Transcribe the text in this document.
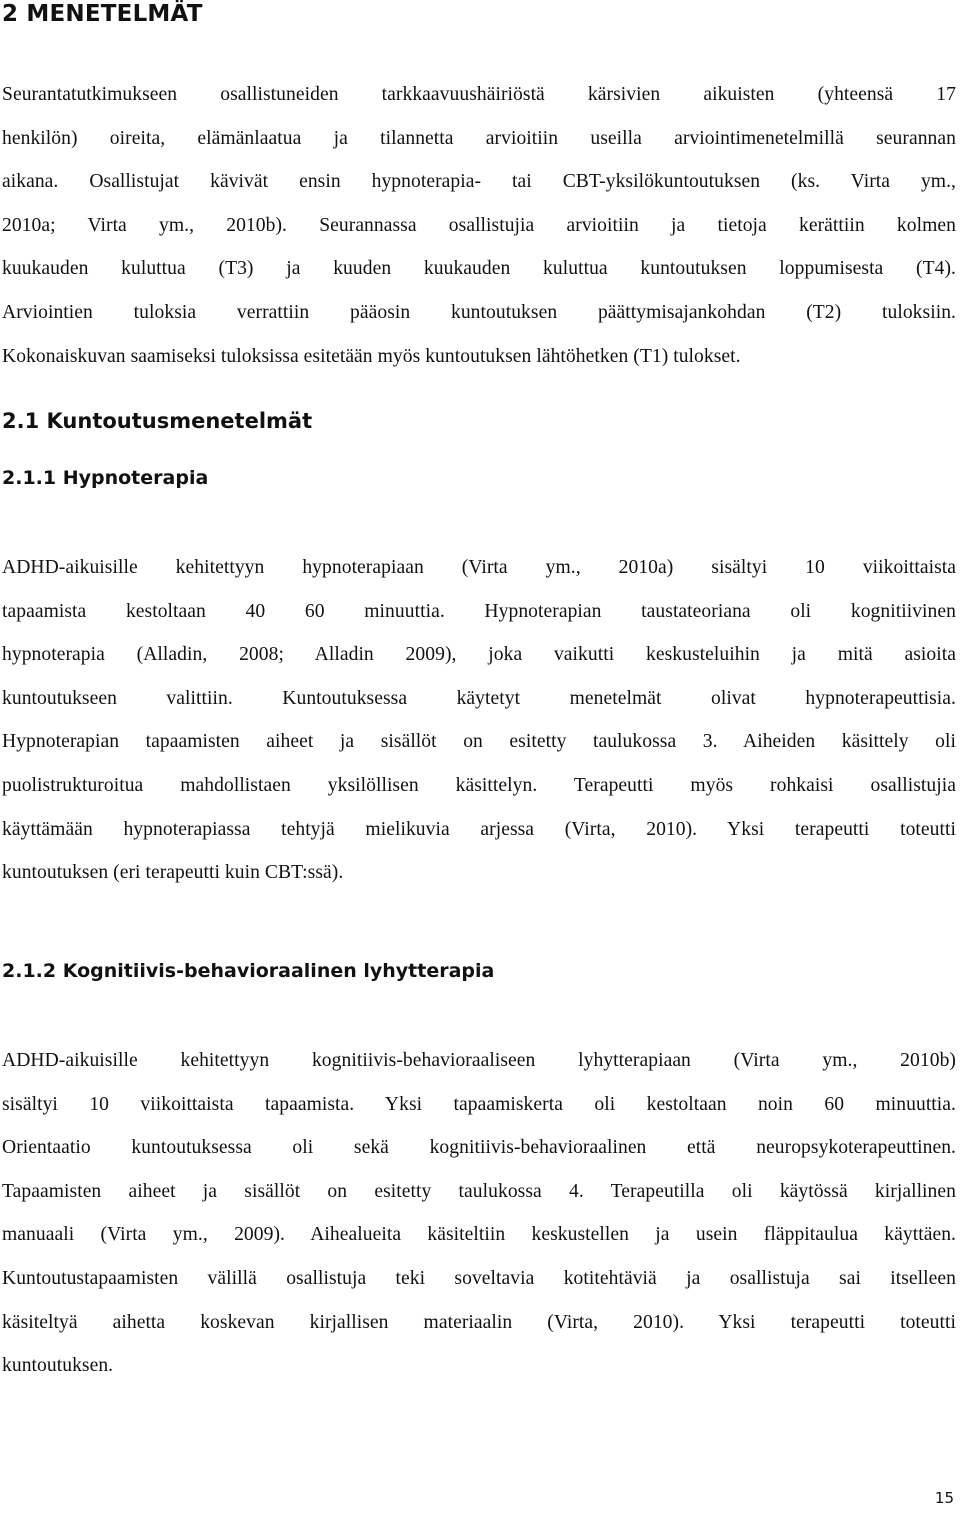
2 MENETELMÄT
Seurantatutkimukseen osallistuneiden tarkkaavuushäiriöstä kärsivien aikuisten (yhteensä 17
henkilön) oireita, elämänlaatua ja tilannetta arvioitiin useilla arviointimenetelmillä seurannan
aikana. Osallistujat kävivät ensin hypnoterapia- tai CBT-yksilökuntoutuksen (ks. Virta ym.,
2010a; Virta ym., 2010b). Seurannassa osallistujia arvioitiin ja tietoja kerättiin kolmen
kuukauden kuluttua (T3) ja kuuden kuukauden kuluttua kuntoutuksen loppumisesta (T4).
Arviointien tuloksia verrattiin pääosin kuntoutuksen päättymisajankohdan (T2) tuloksiin.
Kokonaiskuvan saamiseksi tuloksissa esitetään myös kuntoutuksen lähtöhetken (T1) tulokset.
2.1 Kuntoutusmenetelmät
2.1.1 Hypnoterapia
ADHD-aikuisille kehitettyyn hypnoterapiaan (Virta ym., 2010a) sisältyi 10 viikoittaista
tapaamista kestoltaan 40 60 minuuttia. Hypnoterapian taustateoriana oli kognitiivinen
hypnoterapia (Alladin, 2008; Alladin 2009), joka vaikutti keskusteluihin ja mitä asioita
kuntoutukseen valittiin. Kuntoutuksessa käytetyt menetelmät olivat hypnoterapeuttisia.
Hypnoterapian tapaamisten aiheet ja sisällöt on esitetty taulukossa 3. Aiheiden käsittely oli
puolistrukturoitua mahdollistaen yksilöllisen käsittelyn. Terapeutti myös rohkaisi osallistujia
käyttämään hypnoterapiassa tehtyjä mielikuvia arjessa (Virta, 2010). Yksi terapeutti toteutti
kuntoutuksen (eri terapeutti kuin CBT:ssä).
2.1.2 Kognitiivis-behavioraalinen lyhytterapia
ADHD-aikuisille kehitettyyn kognitiivis-behavioraaliseen lyhytterapiaan (Virta ym., 2010b)
sisältyi 10 viikoittaista tapaamista. Yksi tapaamiskerta oli kestoltaan noin 60 minuuttia.
Orientaatio kuntoutuksessa oli sekä kognitiivis-behavioraalinen että neuropsykoterapeuttinen.
Tapaamisten aiheet ja sisällöt on esitetty taulukossa 4. Terapeutilla oli käytössä kirjallinen
manuaali (Virta ym., 2009). Aihealueita käsiteltiin keskustellen ja usein fläppitaulua käyttäen.
Kuntoutustapaamisten välillä osallistuja teki soveltavia kotitehtäviä ja osallistuja sai itselleen
käsiteltyä aihetta koskevan kirjallisen materiaalin (Virta, 2010). Yksi terapeutti toteutti
kuntoutuksen.
15
